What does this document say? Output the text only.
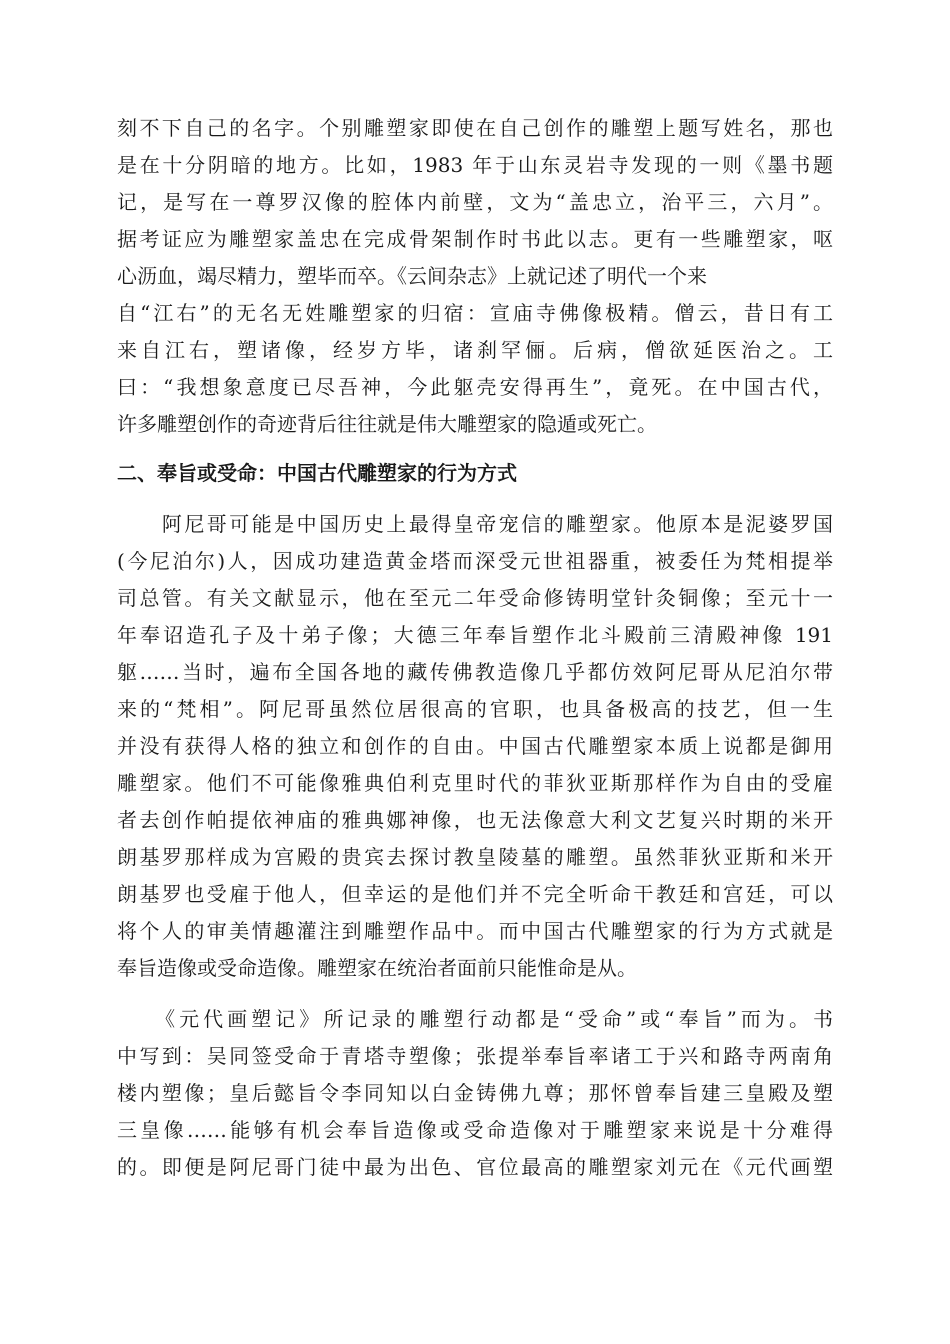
刻不下自己的名字。个别雕塑家即使在自己创作的雕塑上题写姓名，那也
是在十分阴暗的地方。比如，1983 年于山东灵岩寺发现的一则《墨书题
记，是写在一尊罗汉像的腔体内前壁，文为“盖忠立，治平三，六月”。
据考证应为雕塑家盖忠在完成骨架制作时书此以志。更有一些雕塑家，呕
心沥血，竭尽精力，塑毕而卒。《云间杂志》上就记述了明代一个来
自“江右”的无名无姓雕塑家的归宿：宣庙寺佛像极精。僧云，昔日有工
来自江右，塑诸像，经岁方毕，诸刹罕俪。后病，僧欲延医治之。工
曰：“我想象意度已尽吾神，今此躯壳安得再生”，竟死。在中国古代，
许多雕塑创作的奇迹背后往往就是伟大雕塑家的隐遁或死亡。
二、奉旨或受命：中国古代雕塑家的行为方式
　　阿尼哥可能是中国历史上最得皇帝宠信的雕塑家。他原本是泥婆罗国
(今尼泊尔)人，因成功建造黄金塔而深受元世祖器重，被委任为梵相提举
司总管。有关文献显示，他在至元二年受命修铸明堂针灸铜像；至元十一
年奉诏造孔子及十弟子像；大德三年奉旨塑作北斗殿前三清殿神像 191
躯……当时，遍布全国各地的藏传佛教造像几乎都仿效阿尼哥从尼泊尔带
来的“梵相”。阿尼哥虽然位居很高的官职，也具备极高的技艺，但一生
并没有获得人格的独立和创作的自由。中国古代雕塑家本质上说都是御用
雕塑家。他们不可能像雅典伯利克里时代的菲狄亚斯那样作为自由的受雇
者去创作帕提依神庙的雅典娜神像，也无法像意大利文艺复兴时期的米开
朗基罗那样成为宫殿的贵宾去探讨教皇陵墓的雕塑。虽然菲狄亚斯和米开
朗基罗也受雇于他人，但幸运的是他们并不完全听命干教廷和宫廷，可以
将个人的审美情趣灌注到雕塑作品中。而中国古代雕塑家的行为方式就是
奉旨造像或受命造像。雕塑家在统治者面前只能惟命是从。
　　《元代画塑记》所记录的雕塑行动都是“受命”或“奉旨”而为。书
中写到：吴同签受命于青塔寺塑像；张提举奉旨率诸工于兴和路寺两南角
楼内塑像；皇后懿旨令李同知以白金铸佛九尊；那怀曾奉旨建三皇殿及塑
三皇像……能够有机会奉旨造像或受命造像对于雕塑家来说是十分难得
的。即便是阿尼哥门徒中最为出色、官位最高的雕塑家刘元在《元代画塑
